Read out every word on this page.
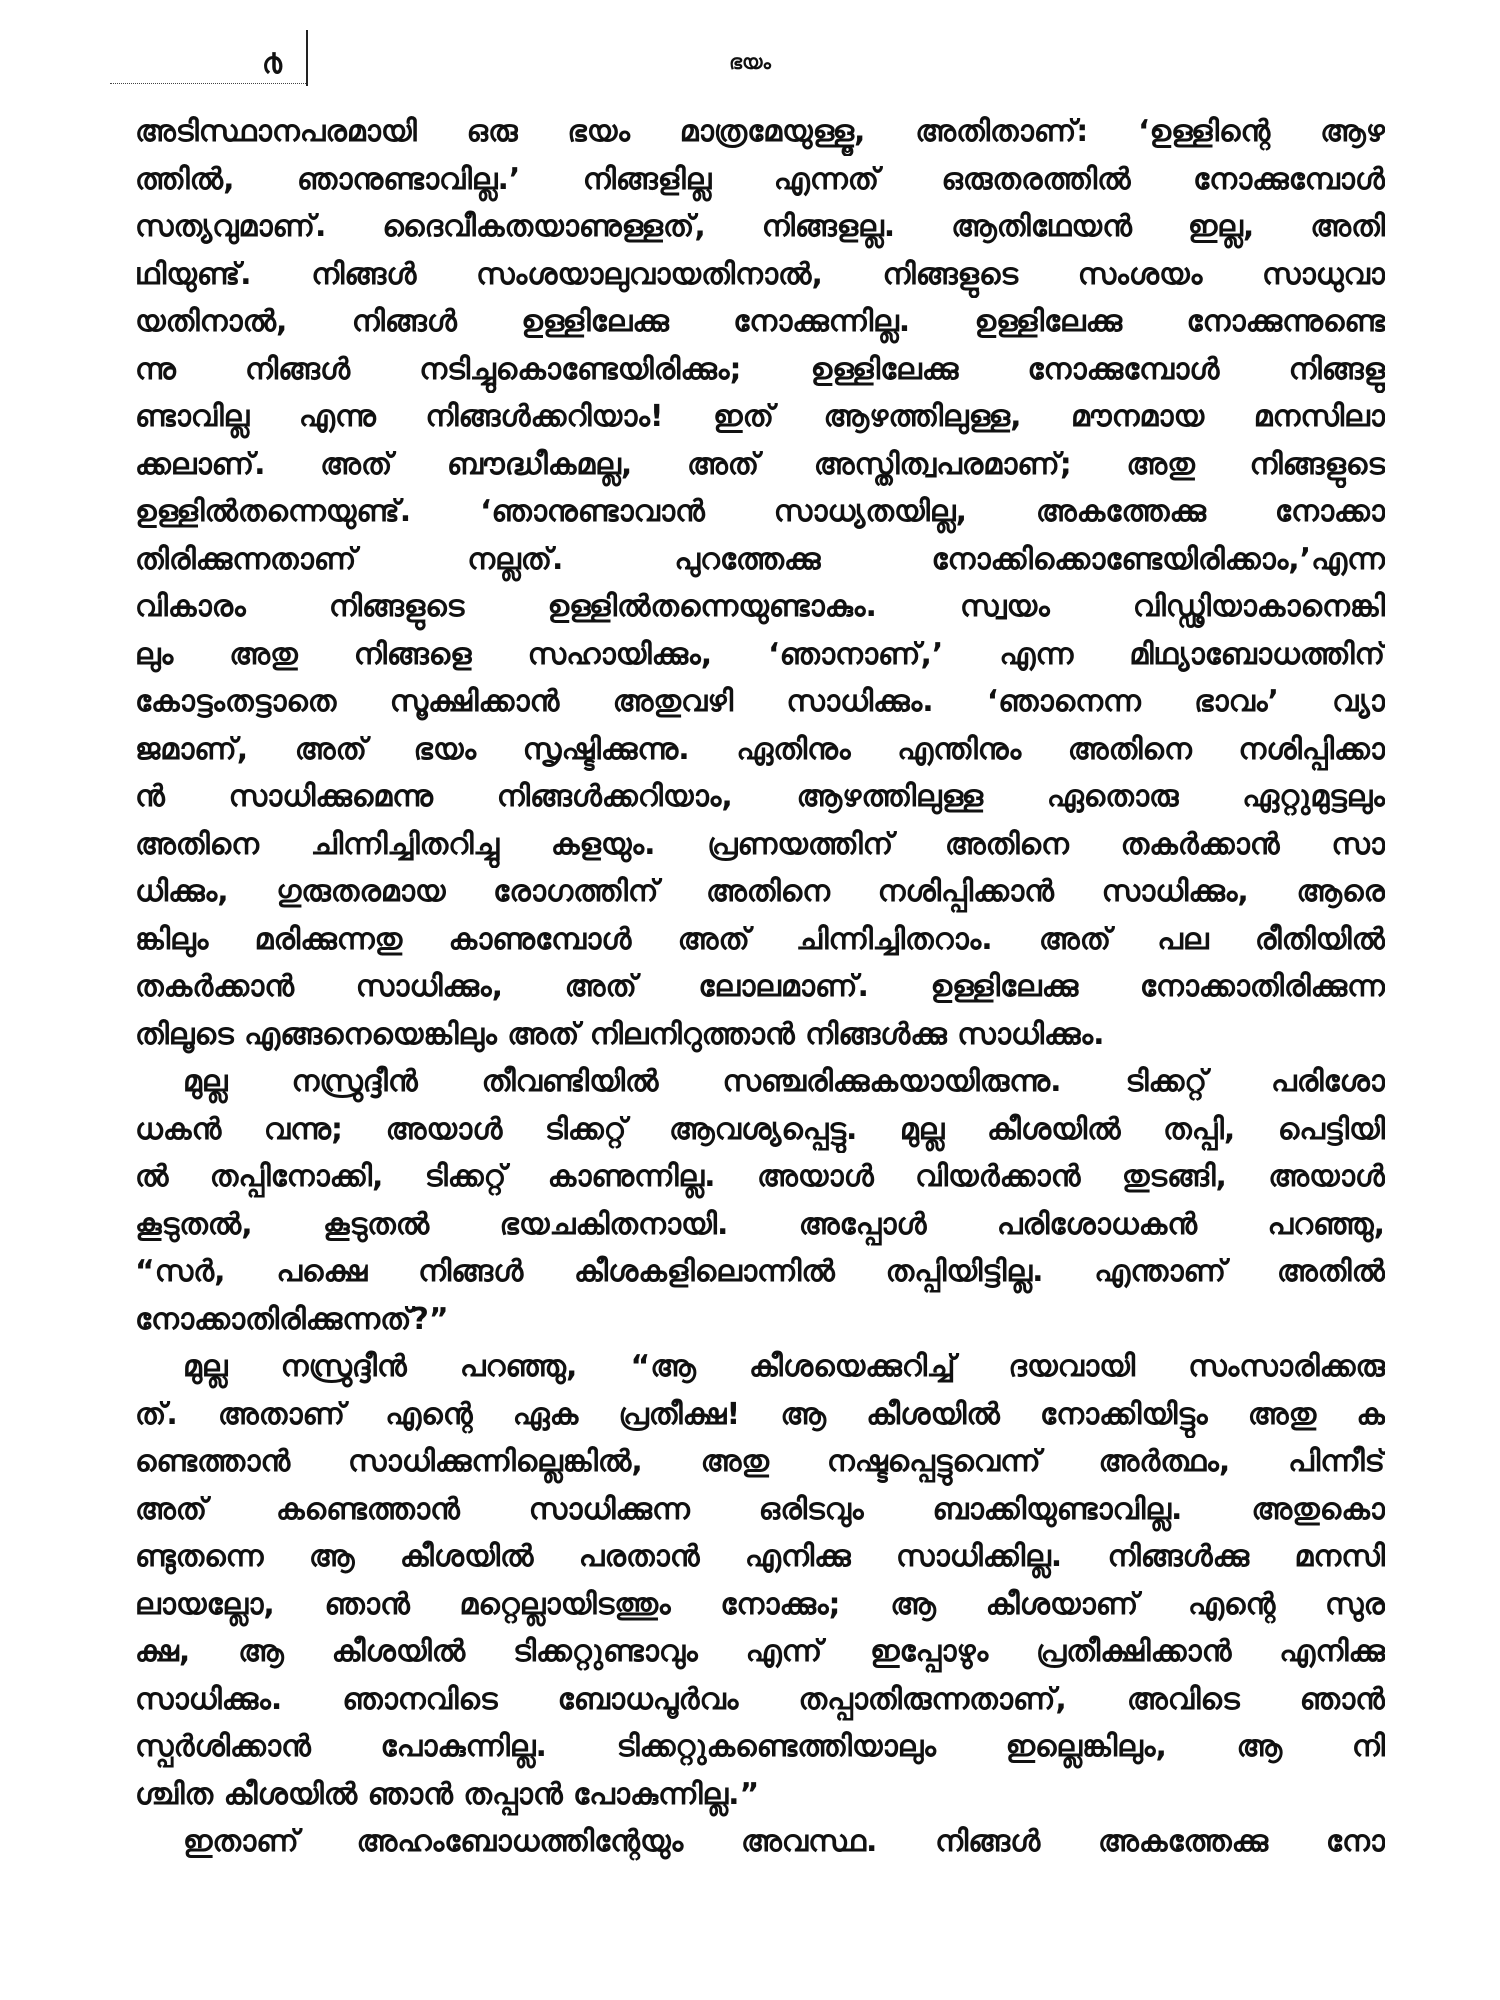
൪	ഭയം
അടിസ്ഥാനപരമായി ഒരു ഭയം മാത്രമേയുള്ളൂ, അതിതാണ്: ‘ഉള്ളിന്റെ ആഴ
ത്തിൽ, ഞാനുണ്ടാവില്ല.’ നിങ്ങളില്ല എന്നത് ഒരുതരത്തിൽ നോക്കുമ്പോൾ
സത്യവുമാണ്. ദൈവീകതയാണുള്ളത്, നിങ്ങളല്ല. ആതിഥേയൻ ഇല്ല, അതി
ഥിയുണ്ട്. നിങ്ങൾ സംശയാലുവായതിനാൽ, നിങ്ങളുടെ സംശയം സാധുവാ
യതിനാൽ, നിങ്ങൾ ഉള്ളിലേക്കു നോക്കുന്നില്ല. ഉള്ളിലേക്കു നോക്കുന്നുണ്ടെ
ന്നു നിങ്ങൾ നടിച്ചുകൊണ്ടേയിരിക്കും; ഉള്ളിലേക്കു നോക്കുമ്പോൾ നിങ്ങളു
ണ്ടാവില്ല എന്നു നിങ്ങൾക്കറിയാം! ഇത് ആഴത്തിലുള്ള, മൗനമായ മനസിലാ
ക്കലാണ്. അത് ബൗദ്ധീകമല്ല, അത് അസ്തിത്വപരമാണ്; അതു നിങ്ങളുടെ
ഉള്ളിൽതന്നെയുണ്ട്. ‘ഞാനുണ്ടാവാൻ സാധ്യതയില്ല, അകത്തേക്കു നോക്കാ
തിരിക്കുന്നതാണ് നല്ലത്. പുറത്തേക്കു നോക്കിക്കൊണ്ടേയിരിക്കാം,’എന്ന
വികാരം നിങ്ങളുടെ ഉള്ളിൽതന്നെയുണ്ടാകും. സ്വയം വിഡ്ഢിയാകാനെങ്കി
ലും അതു നിങ്ങളെ സഹായിക്കും, ‘ഞാനാണ്,’ എന്ന മിഥ്യാബോധത്തിന്
കോട്ടംതട്ടാതെ സൂക്ഷിക്കാൻ അതുവഴി സാധിക്കും. ‘ഞാനെന്ന ഭാവം’ വ്യാ
ജമാണ്, അത് ഭയം സൃഷ്ടിക്കുന്നു. ഏതിനും എന്തിനും അതിനെ നശിപ്പിക്കാ
ൻ സാധിക്കുമെന്നു നിങ്ങൾക്കറിയാം, ആഴത്തിലുള്ള ഏതൊരു ഏറ്റുമുട്ടലും
അതിനെ ചിന്നിച്ചിതറിച്ചു കളയും. പ്രണയത്തിന് അതിനെ തകർക്കാൻ സാ
ധിക്കും, ഗുരുതരമായ രോഗത്തിന് അതിനെ നശിപ്പിക്കാൻ സാധിക്കും, ആരെ
ങ്കിലും മരിക്കുന്നതു കാണുമ്പോൾ അത് ചിന്നിച്ചിതറാം. അത് പല രീതിയിൽ
തകർക്കാൻ സാധിക്കും, അത് ലോലമാണ്. ഉള്ളിലേക്കു നോക്കാതിരിക്കുന്ന
തിലൂടെ എങ്ങനെയെങ്കിലും അത് നിലനിറുത്താൻ നിങ്ങൾക്കു സാധിക്കും.
മുല്ല നസ്രുദ്ദീൻ തീവണ്ടിയിൽ സഞ്ചരിക്കുകയായിരുന്നു. ടിക്കറ്റ് പരിശോ
ധകൻ വന്നു; അയാൾ ടിക്കറ്റ് ആവശ്യപ്പെട്ടു. മുല്ല കീശയിൽ തപ്പി, പെട്ടിയി
ൽ തപ്പിനോക്കി, ടിക്കറ്റ് കാണുന്നില്ല. അയാൾ വിയർക്കാൻ തുടങ്ങി, അയാൾ
കൂടുതൽ, കൂടുതൽ ഭയചകിതനായി. അപ്പോൾ പരിശോധകൻ പറഞ്ഞു,
“സർ, പക്ഷെ നിങ്ങൾ കീശകളിലൊന്നിൽ തപ്പിയിട്ടില്ല. എന്താണ് അതിൽ
നോക്കാതിരിക്കുന്നത്?”
മുല്ല നസ്രുദ്ദീൻ പറഞ്ഞു, “ആ കീശയെക്കുറിച്ച് ദയവായി സംസാരിക്കരു
ത്. അതാണ് എന്റെ ഏക പ്രതീക്ഷ! ആ കീശയിൽ നോക്കിയിട്ടും അതു ക
ണ്ടെത്താൻ സാധിക്കുന്നില്ലെങ്കിൽ, അതു നഷ്ടപ്പെട്ടുവെന്ന് അർത്ഥം, പിന്നീട്
അത് കണ്ടെത്താൻ സാധിക്കുന്ന ഒരിടവും ബാക്കിയുണ്ടാവില്ല. അതുകൊ
ണ്ടുതന്നെ ആ കീശയിൽ പരതാൻ എനിക്കു സാധിക്കില്ല. നിങ്ങൾക്കു മനസി
ലായല്ലോ, ഞാൻ മറ്റെല്ലായിടത്തും നോക്കും; ആ കീശയാണ് എന്റെ സുര
ക്ഷ, ആ കീശയിൽ ടിക്കറ്റുണ്ടാവും എന്ന് ഇപ്പോഴും പ്രതീക്ഷിക്കാൻ എനിക്കു
സാധിക്കും. ഞാനവിടെ ബോധപൂർവം തപ്പാതിരുന്നതാണ്, അവിടെ ഞാൻ
സ്പർശിക്കാൻ പോകുന്നില്ല. ടിക്കറ്റുകണ്ടെത്തിയാലും ഇല്ലെങ്കിലും, ആ നി
ശ്ചിത കീശയിൽ ഞാൻ തപ്പാൻ പോകുന്നില്ല.”
ഇതാണ് അഹംബോധത്തിന്റേയും അവസ്ഥ. നിങ്ങൾ അകത്തേക്കു നോ
